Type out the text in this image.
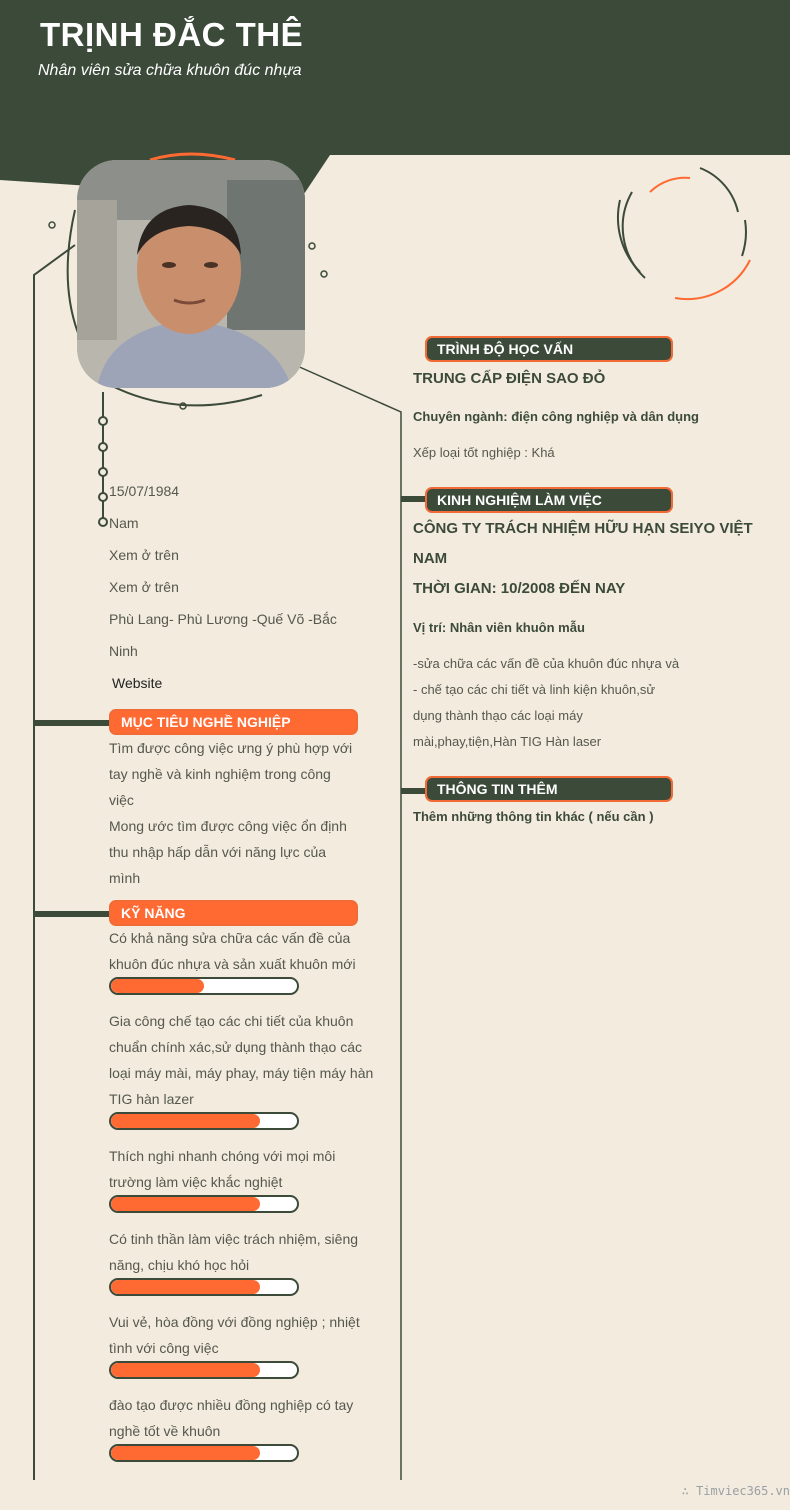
TRỊNH ĐẮC THÊ
Nhân viên sửa chữa khuôn đúc nhựa
15/07/1984
Nam
Xem ở trên
Xem ở trên
Phù Lang- Phù Lương -Quế Võ -Bắc
Ninh
Website
MỤC TIÊU NGHỀ NGHIỆP
Tìm được công việc ưng ý phù hợp với
tay nghề và kinh nghiệm trong công
việc
Mong ước tìm được công việc ổn định
thu nhập hấp dẫn với năng lực của
mình
KỸ NĂNG
Có khả năng sửa chữa các vấn đề của
khuôn đúc nhựa và sản xuất khuôn mới
Gia công chế tạo các chi tiết của khuôn
chuẩn chính xác,sử dụng thành thạo các
loại máy mài, máy phay, máy tiện máy hàn
TIG hàn lazer
Thích nghi nhanh chóng với mọi môi
trường làm việc khắc nghiệt
Có tinh thần làm việc trách nhiệm, siêng
năng, chịu khó học hỏi
Vui vẻ, hòa đồng với đồng nghiệp ; nhiệt
tình với công việc
đào tạo được nhiều đồng nghiệp có tay
nghề tốt về khuôn
TRÌNH ĐỘ HỌC VẤN
TRUNG CẤP ĐIỆN SAO ĐỎ
Chuyên ngành: điện công nghiệp và dân dụng
Xếp loại tốt nghiệp : Khá
KINH NGHIỆM LÀM VIỆC
CÔNG TY TRÁCH NHIỆM HỮU HẠN SEIYO VIỆT
NAM
THỜI GIAN: 10/2008 ĐẾN NAY
Vị trí: Nhân viên khuôn mẫu
-sửa chữa các vấn đề của khuôn đúc nhựa và
- chế tạo các chi tiết và linh kiện khuôn,sử
dụng thành thạo các loại máy
mài,phay,tiện,Hàn TIG Hàn laser
THÔNG TIN THÊM
Thêm những thông tin khác ( nếu cần )
∴ Timviec365.vn
